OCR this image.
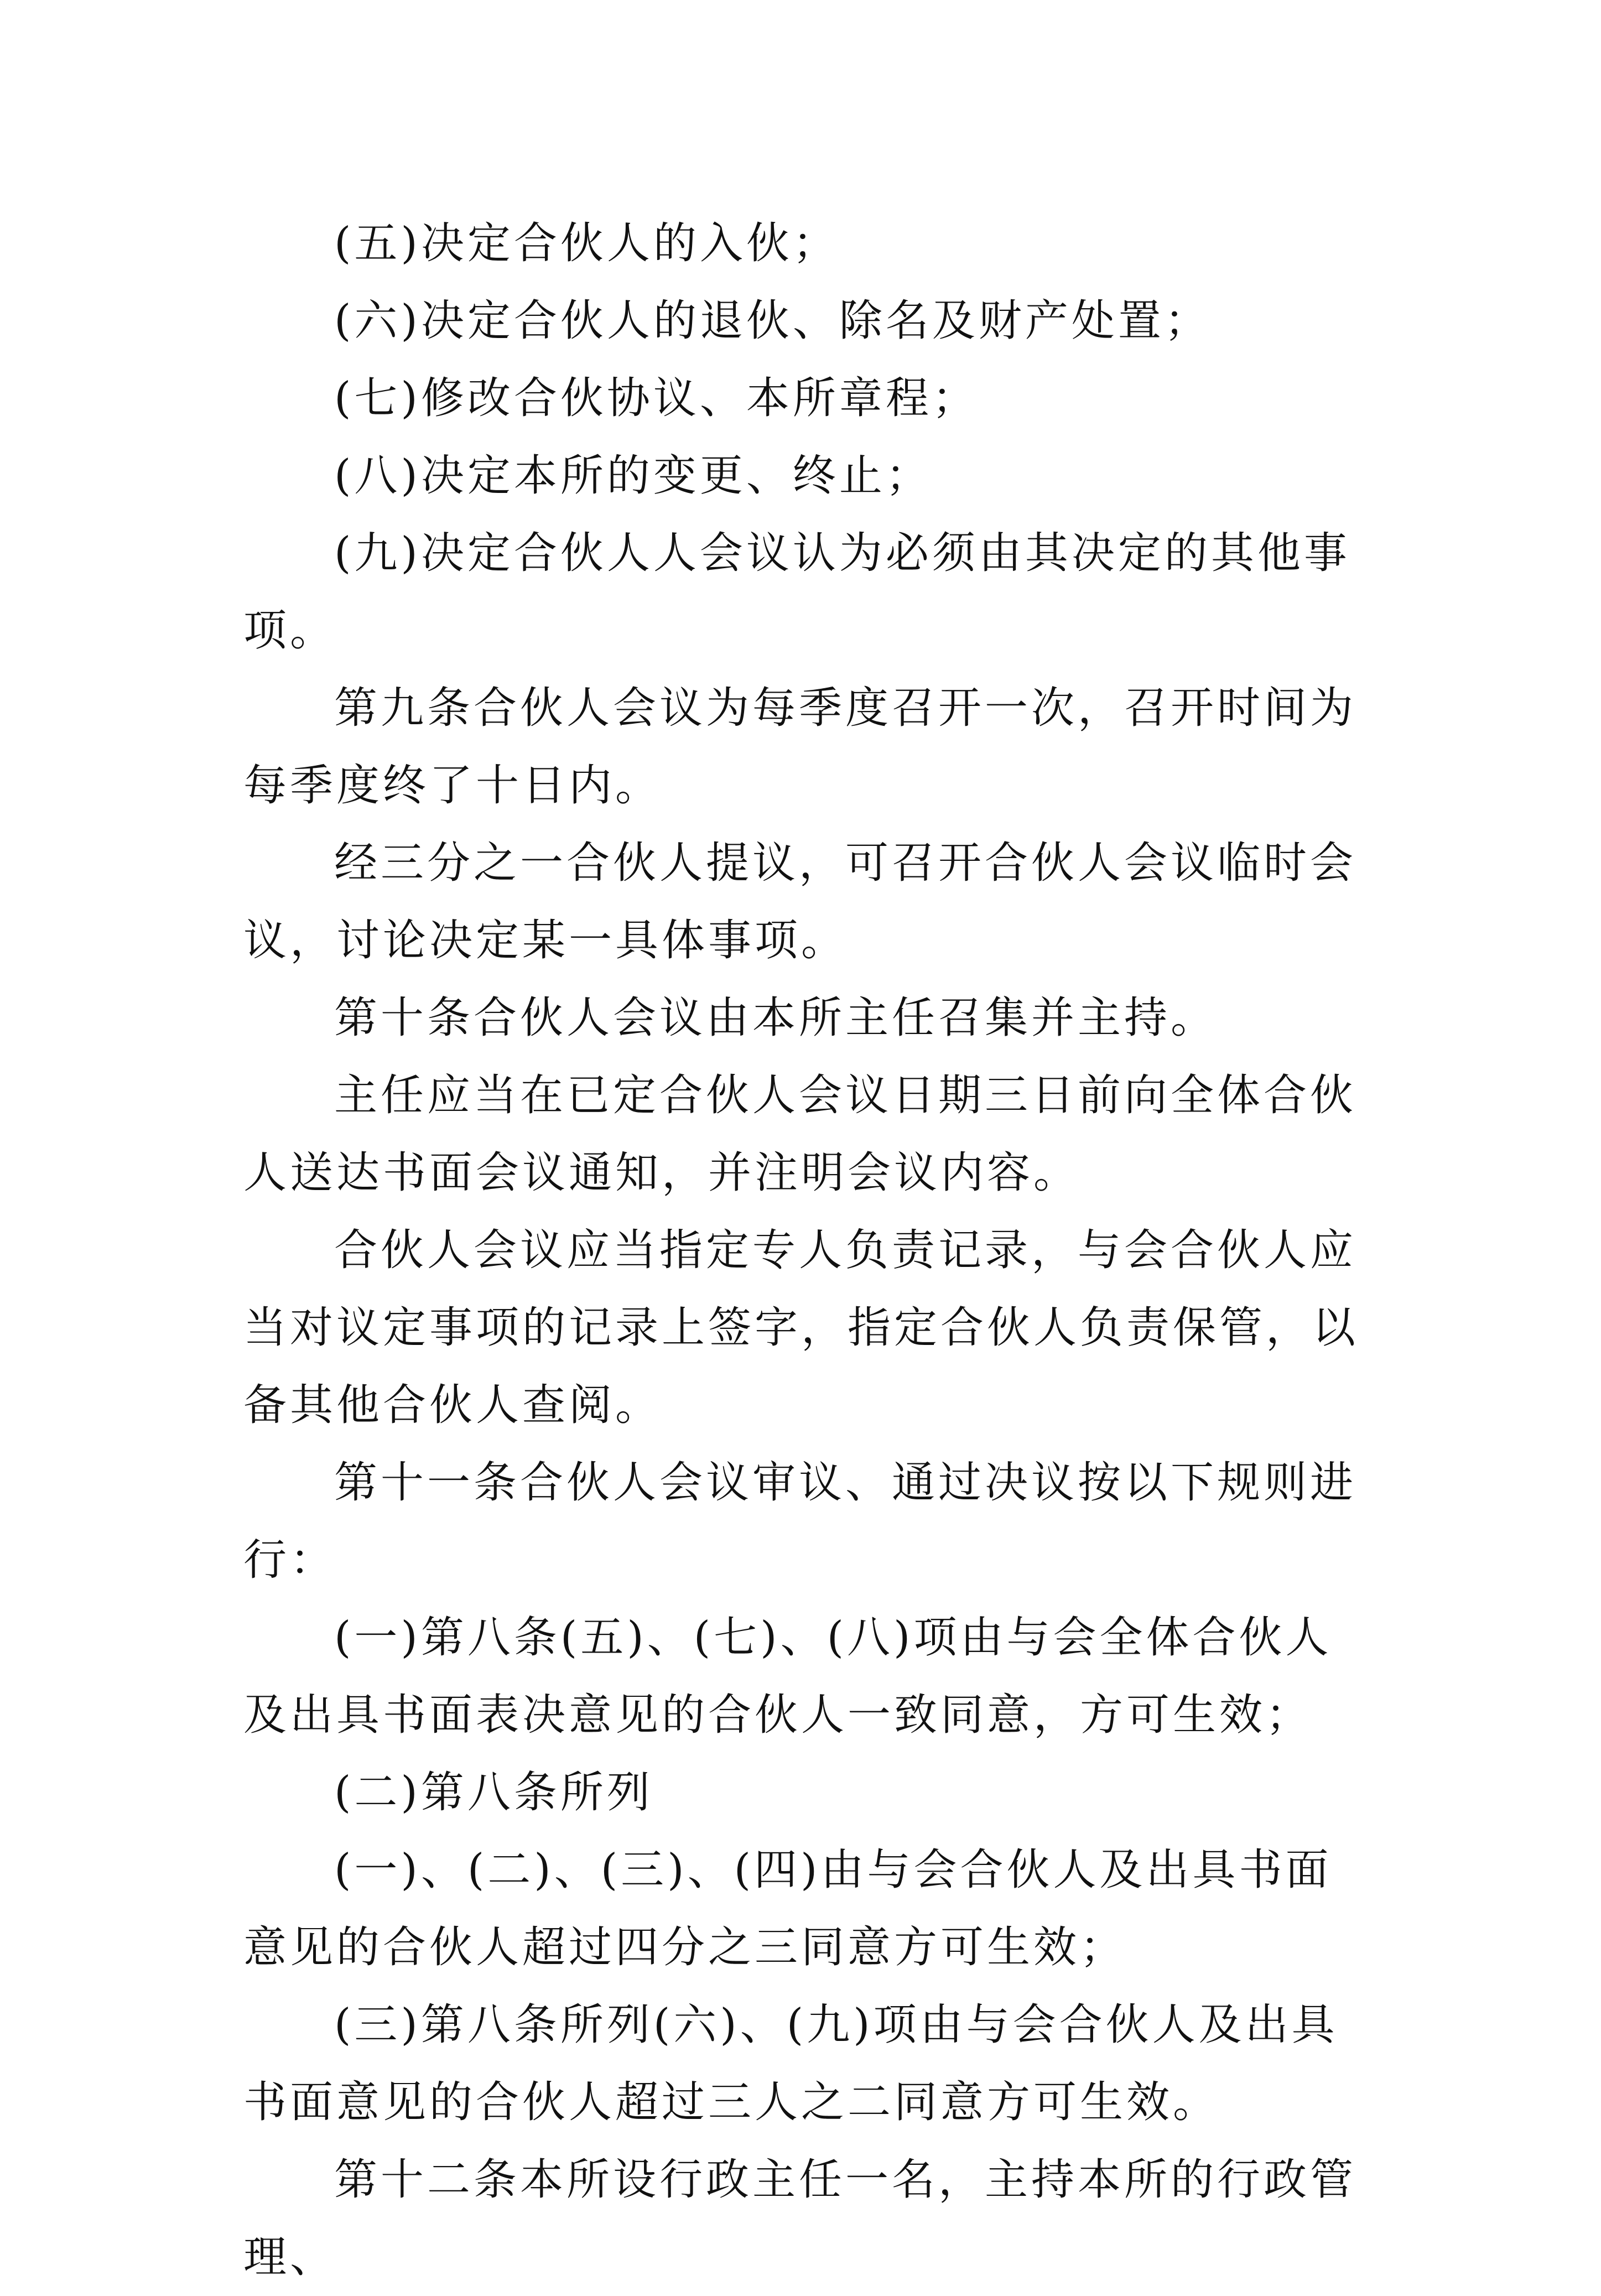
(五)决定合伙人的入伙；

(六)决定合伙人的退伙、除名及财产处置；

(七)修改合伙协议、本所章程；

(八)决定本所的变更、终止；

(九)决定合伙人人会议认为必须由其决定的其他事项。

第九条合伙人会议为每季度召开一次，召开时间为每季度终了十日内。

经三分之一合伙人提议，可召开合伙人会议临时会议，讨论决定某一具体事项。

第十条合伙人会议由本所主任召集并主持。

主任应当在已定合伙人会议日期三日前向全体合伙人送达书面会议通知，并注明会议内容。

合伙人会议应当指定专人负责记录，与会合伙人应当对议定事项的记录上签字，指定合伙人负责保管，以备其他合伙人查阅。

第十一条合伙人会议审议、通过决议按以下规则进行：

(一)第八条(五)、(七)、(八)项由与会全体合伙人及出具书面表决意见的合伙人一致同意，方可生效；

(二)第八条所列

(一)、(二)、(三)、(四)由与会合伙人及出具书面意见的合伙人超过四分之三同意方可生效；

(三)第八条所列(六)、(九)项由与会合伙人及出具书面意见的合伙人超过三人之二同意方可生效。

第十二条本所设行政主任一名，主持本所的行政管理、
